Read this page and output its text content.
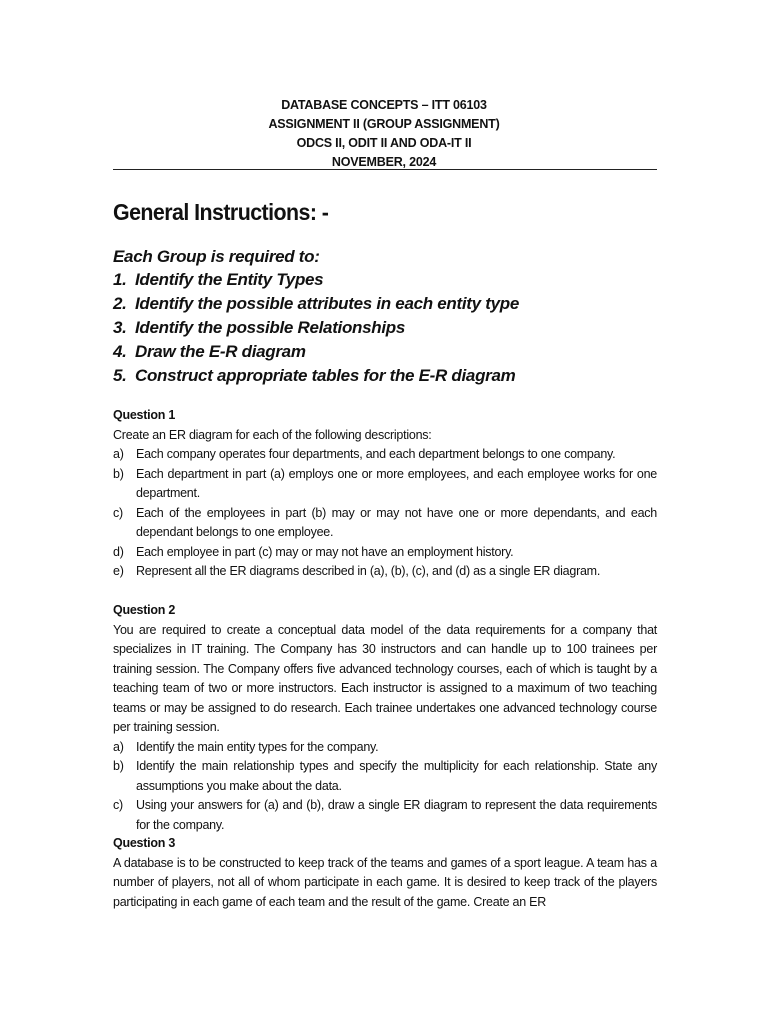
DATABASE CONCEPTS – ITT 06103
ASSIGNMENT II (GROUP ASSIGNMENT)
ODCS II, ODIT II AND ODA-IT II
NOVEMBER, 2024
General Instructions: -
Each Group is required to:
1. Identify the Entity Types
2. Identify the possible attributes in each entity type
3. Identify the possible Relationships
4. Draw the E-R diagram
5. Construct appropriate tables for the E-R diagram
Question 1
Create an ER diagram for each of the following descriptions:
a) Each company operates four departments, and each department belongs to one company.
b) Each department in part (a) employs one or more employees, and each employee works for one department.
c) Each of the employees in part (b) may or may not have one or more dependants, and each dependant belongs to one employee.
d) Each employee in part (c) may or may not have an employment history.
e) Represent all the ER diagrams described in (a), (b), (c), and (d) as a single ER diagram.
Question 2
You are required to create a conceptual data model of the data requirements for a company that specializes in IT training. The Company has 30 instructors and can handle up to 100 trainees per training session. The Company offers five advanced technology courses, each of which is taught by a teaching team of two or more instructors. Each instructor is assigned to a maximum of two teaching teams or may be assigned to do research. Each trainee undertakes one advanced technology course per training session.
a) Identify the main entity types for the company.
b) Identify the main relationship types and specify the multiplicity for each relationship. State any assumptions you make about the data.
c) Using your answers for (a) and (b), draw a single ER diagram to represent the data requirements for the company.
Question 3
A database is to be constructed to keep track of the teams and games of a sport league. A team has a number of players, not all of whom participate in each game. It is desired to keep track of the players participating in each game of each team and the result of the game. Create an ER
